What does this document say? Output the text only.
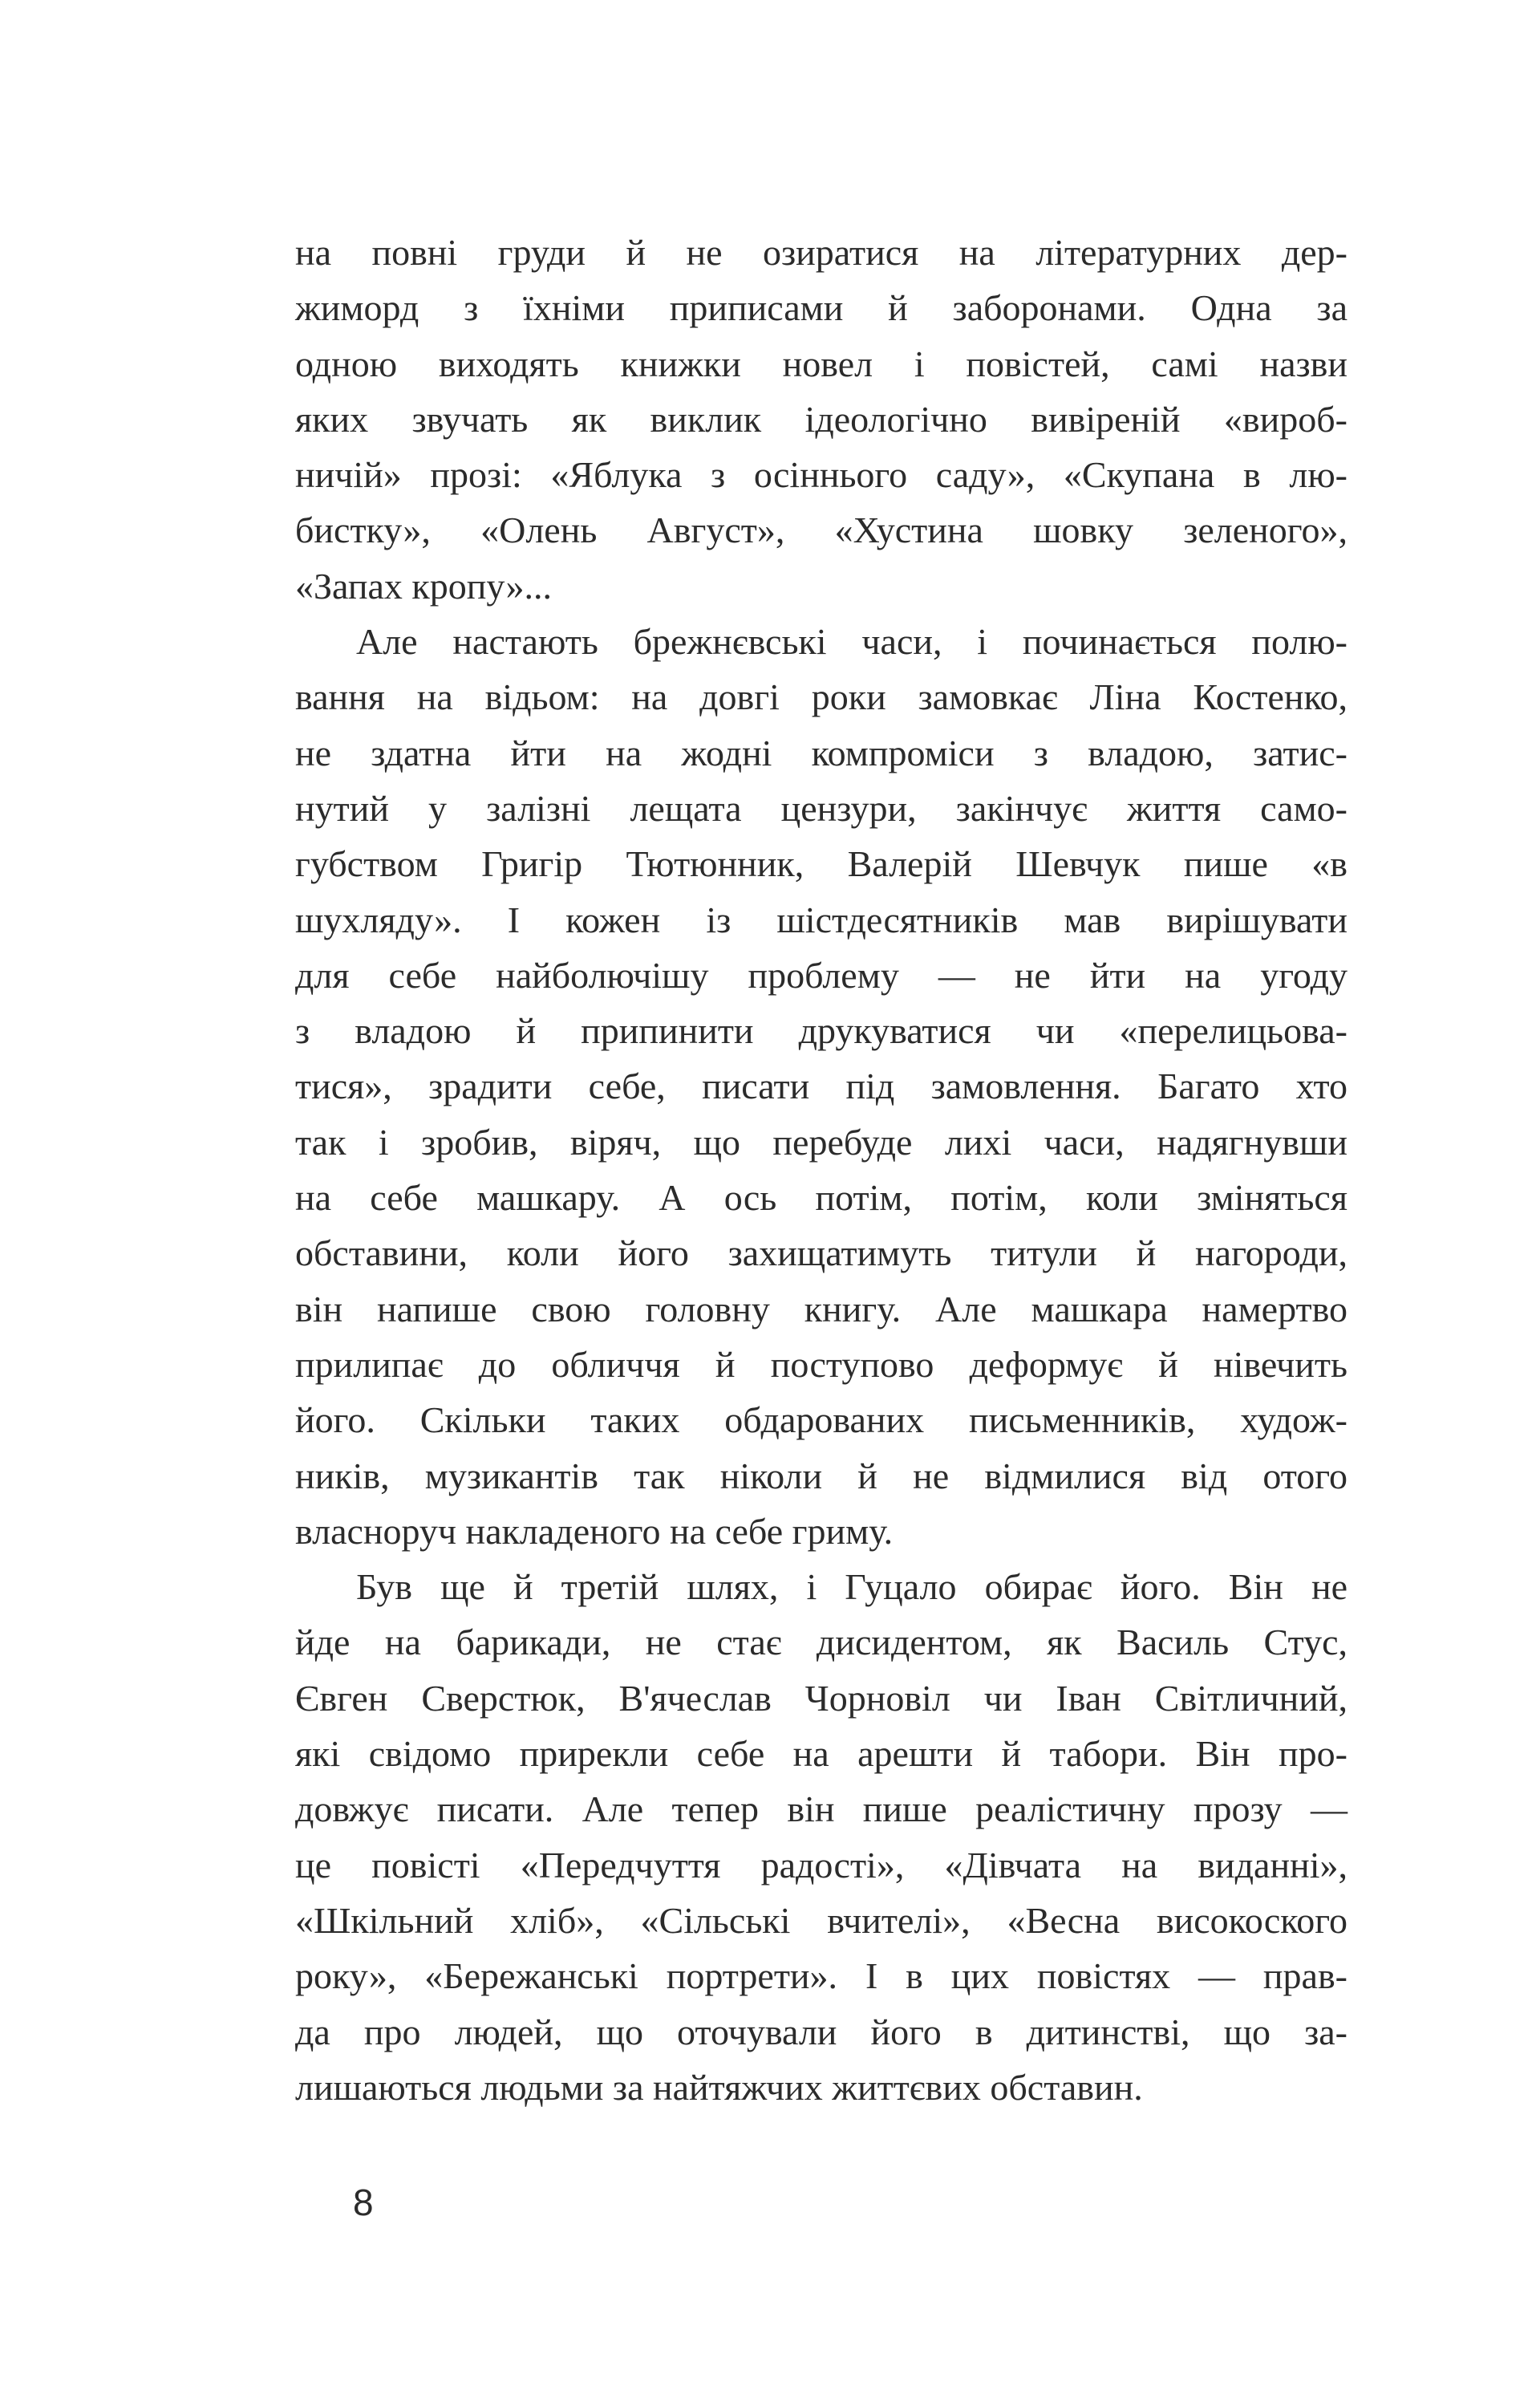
на повні груди й не озиратися на літературних дер-
жиморд з їхніми приписами й заборонами. Одна за
одною виходять книжки новел і повістей, самі назви
яких звучать як виклик ідеологічно вивіреній «вироб-
ничій» прозі: «Яблука з осіннього саду», «Скупана в лю-
бистку», «Олень Август», «Хустина шовку зеленого»,
«Запах кропу»...
Але настають брежнєвські часи, і починається полю-
вання на відьом: на довгі роки замовкає Ліна Костенко,
не здатна йти на жодні компроміси з владою, затис-
нутий у залізні лещата цензури, закінчує життя само-
губством Григір Тютюнник, Валерій Шевчук пише «в
шухляду». І кожен із шістдесятників мав вирішувати
для себе найболючішу проблему — не йти на угоду
з владою й припинити друкуватися чи «перелицьова-
тися», зрадити себе, писати під замовлення. Багато хто
так і зробив, віряч, що перебуде лихі часи, надягнувши
на себе машкару. А ось потім, потім, коли зміняться
обставини, коли його захищатимуть титули й нагороди,
він напише свою головну книгу. Але машкара намертво
прилипає до обличчя й поступово деформує й нівечить
його. Скільки таких обдарованих письменників, худож-
ників, музикантів так ніколи й не відмилися від отого
власноруч накладеного на себе гриму.
Був ще й третій шлях, і Гуцало обирає його. Він не
йде на барикади, не стає дисидентом, як Василь Стус,
Євген Сверстюк, В'ячеслав Чорновіл чи Іван Світличний,
які свідомо прирекли себе на арешти й табори. Він про-
довжує писати. Але тепер він пише реалістичну прозу —
це повісті «Передчуття радості», «Дівчата на виданні»,
«Шкільний хліб», «Сільські вчителі», «Весна високоского
року», «Бережанські портрети». І в цих повістях — прав-
да про людей, що оточували його в дитинстві, що за-
лишаються людьми за найтяжчих життєвих обставин.
8
